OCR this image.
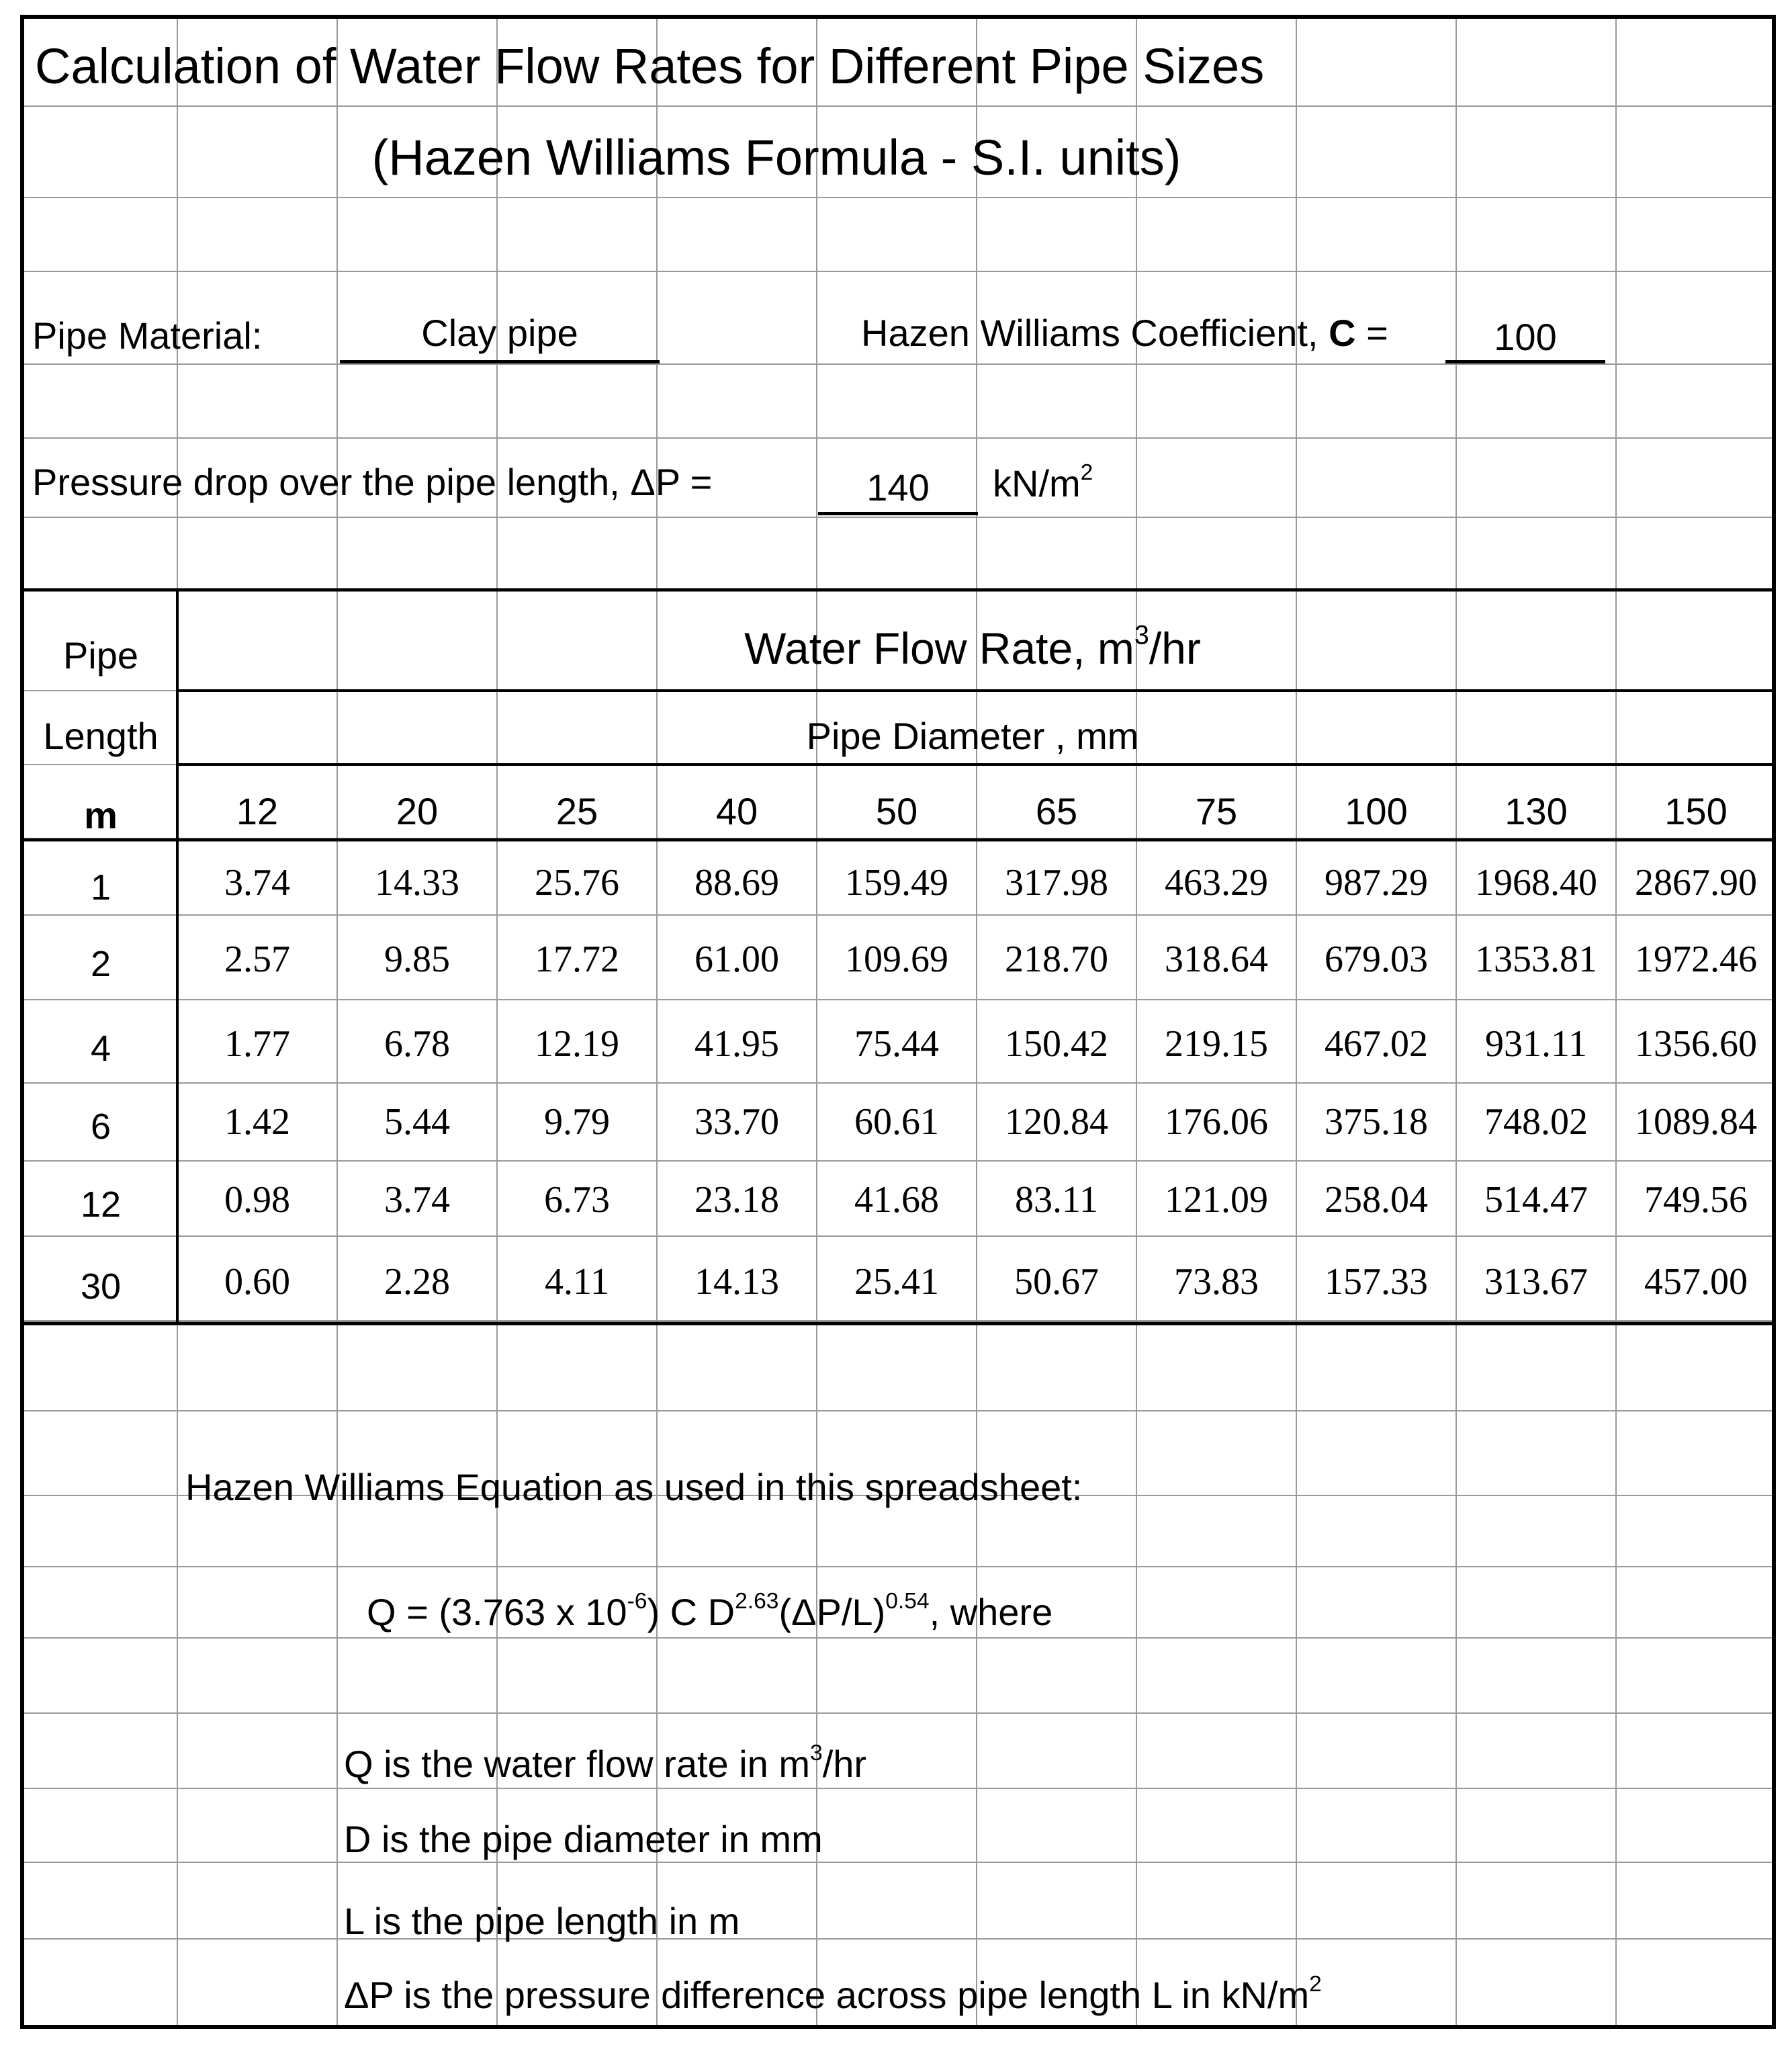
Calculation of Water Flow Rates for Different Pipe Sizes
(Hazen Williams Formula - S.I. units)
Pipe Material:	Clay pipe	Hazen Williams Coefficient, C =	100
Pressure drop over the pipe length, ΔP =	140	$kN/m^2$
Pipe
Length
m
Water Flow Rate, $m^3/hr$
Pipe Diameter , mm
12	20	25	40	50	65	75	100	130	150
1	3.74	14.33	25.76	88.69	159.49	317.98	463.29	987.29	1968.40	2867.90
2	2.57	9.85	17.72	61.00	109.69	218.70	318.64	679.03	1353.81	1972.46
4	1.77	6.78	12.19	41.95	75.44	150.42	219.15	467.02	931.11	1356.60
6	1.42	5.44	9.79	33.70	60.61	120.84	176.06	375.18	748.02	1089.84
12	0.98	3.74	6.73	23.18	41.68	83.11	121.09	258.04	514.47	749.56
30	0.60	2.28	4.11	14.13	25.41	50.67	73.83	157.33	313.67	457.00
Hazen Williams Equation as used in this spreadsheet:
Q = (3.763 x $10^{-6}$) C $D^{2.63}(\Delta P/L)^{0.54}$, where
Q is the water flow rate in $m^3/hr$
D is the pipe diameter in mm
L is the pipe length in m
ΔP is the pressure difference across pipe length L in $kN/m^2$
